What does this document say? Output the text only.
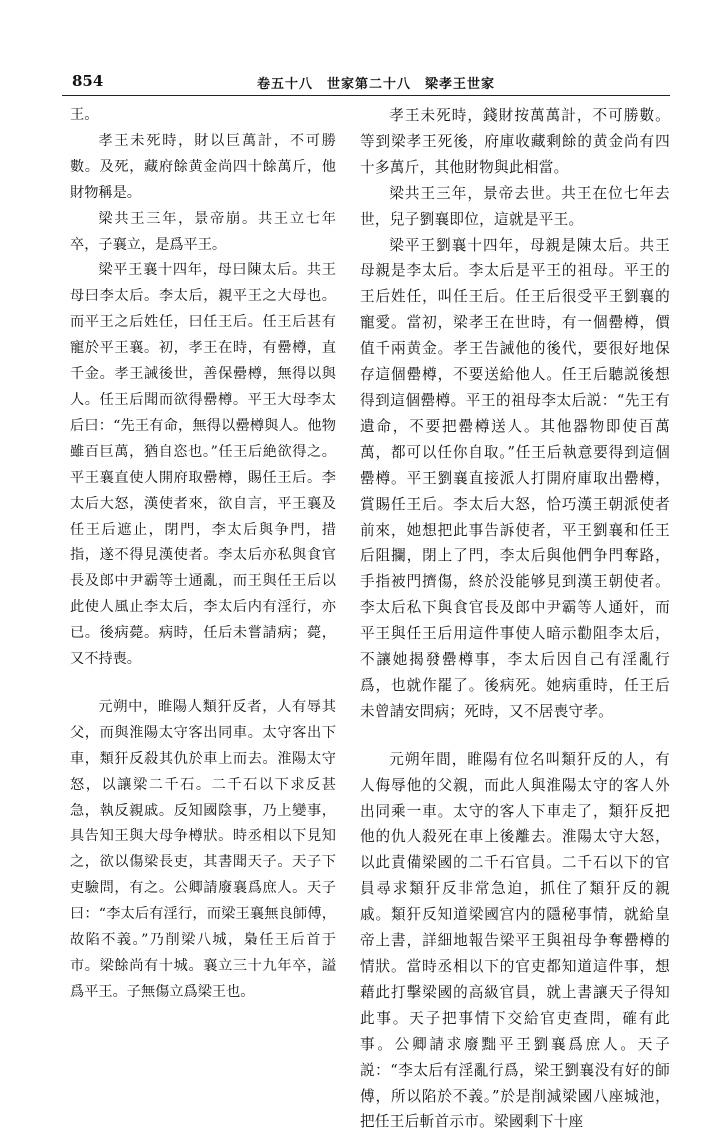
854	卷五十八　世家第二十八　梁孝王世家

王。

孝王未死時，財以巨萬計，不可勝數。及死，藏府餘黄金尚四十餘萬斤，他財物稱是。

梁共王三年，景帝崩。共王立七年卒，子襄立，是爲平王。

梁平王襄十四年，母曰陳太后。共王母曰李太后。李太后，親平王之大母也。而平王之后姓任，曰任王后。任王后甚有寵於平王襄。初，孝王在時，有罍樽，直千金。孝王誡後世，善保罍樽，無得以與人。任王后聞而欲得罍樽。平王大母李太后曰：“先王有命，無得以罍樽與人。他物雖百巨萬，猶自恣也。”任王后絶欲得之。平王襄直使人開府取罍樽，賜任王后。李太后大怒，漢使者來，欲自言，平王襄及任王后遮止，閉門，李太后與争門，措指，遂不得見漢使者。李太后亦私與食官長及郎中尹霸等士通亂，而王與任王后以此使人風止李太后，李太后内有淫行，亦已。後病薨。病時，任后未嘗請病；薨，又不持喪。

元朔中，睢陽人類犴反者，人有辱其父，而與淮陽太守客出同車。太守客出下車，類犴反殺其仇於車上而去。淮陽太守怒，以讓梁二千石。二千石以下求反甚急，執反親戚。反知國陰事，乃上變事，具告知王與大母争樽狀。時丞相以下見知之，欲以傷梁長吏，其書聞天子。天子下吏驗問，有之。公卿請廢襄爲庶人。天子曰：“李太后有淫行，而梁王襄無良師傅，故陷不義。”乃削梁八城，梟任王后首于市。梁餘尚有十城。襄立三十九年卒，謚爲平王。子無傷立爲梁王也。

孝王未死時，錢財按萬萬計，不可勝數。等到梁孝王死後，府庫收藏剩餘的黄金尚有四十多萬斤，其他財物與此相當。

梁共王三年，景帝去世。共王在位七年去世，兒子劉襄即位，這就是平王。

梁平王劉襄十四年，母親是陳太后。共王母親是李太后。李太后是平王的祖母。平王的王后姓任，叫任王后。任王后很受平王劉襄的寵愛。當初，梁孝王在世時，有一個罍樽，價值千兩黄金。孝王告誡他的後代，要很好地保存這個罍樽，不要送給他人。任王后聽説後想得到這個罍樽。平王的祖母李太后説：“先王有遺命，不要把罍樽送人。其他器物即使百萬萬，都可以任你自取。”任王后執意要得到這個罍樽。平王劉襄直接派人打開府庫取出罍樽，賞賜任王后。李太后大怒，恰巧漢王朝派使者前來，她想把此事告訴使者，平王劉襄和任王后阻攔，閉上了門，李太后與他們争門奪路，手指被門擠傷，終於没能够見到漢王朝使者。李太后私下與食官長及郎中尹霸等人通奸，而平王與任王后用這件事使人暗示勸阻李太后，不讓她揭發罍樽事，李太后因自己有淫亂行爲，也就作罷了。後病死。她病重時，任王后未曾請安問病；死時，又不居喪守孝。

元朔年間，睢陽有位名叫類犴反的人，有人侮辱他的父親，而此人與淮陽太守的客人外出同乘一車。太守的客人下車走了，類犴反把他的仇人殺死在車上後離去。淮陽太守大怒，以此責備梁國的二千石官員。二千石以下的官員尋求類犴反非常急迫，抓住了類犴反的親戚。類犴反知道梁國宫内的隱秘事情，就給皇帝上書，詳細地報告梁平王與祖母争奪罍樽的情狀。當時丞相以下的官吏都知道這件事，想藉此打擊梁國的高級官員，就上書讓天子得知此事。天子把事情下交給官吏查問，確有此事。公卿請求廢黜平王劉襄爲庶人。天子説：“李太后有淫亂行爲，梁王劉襄没有好的師傅，所以陷於不義。”於是削減梁國八座城池，把任王后斬首示市。梁國剩下十座
